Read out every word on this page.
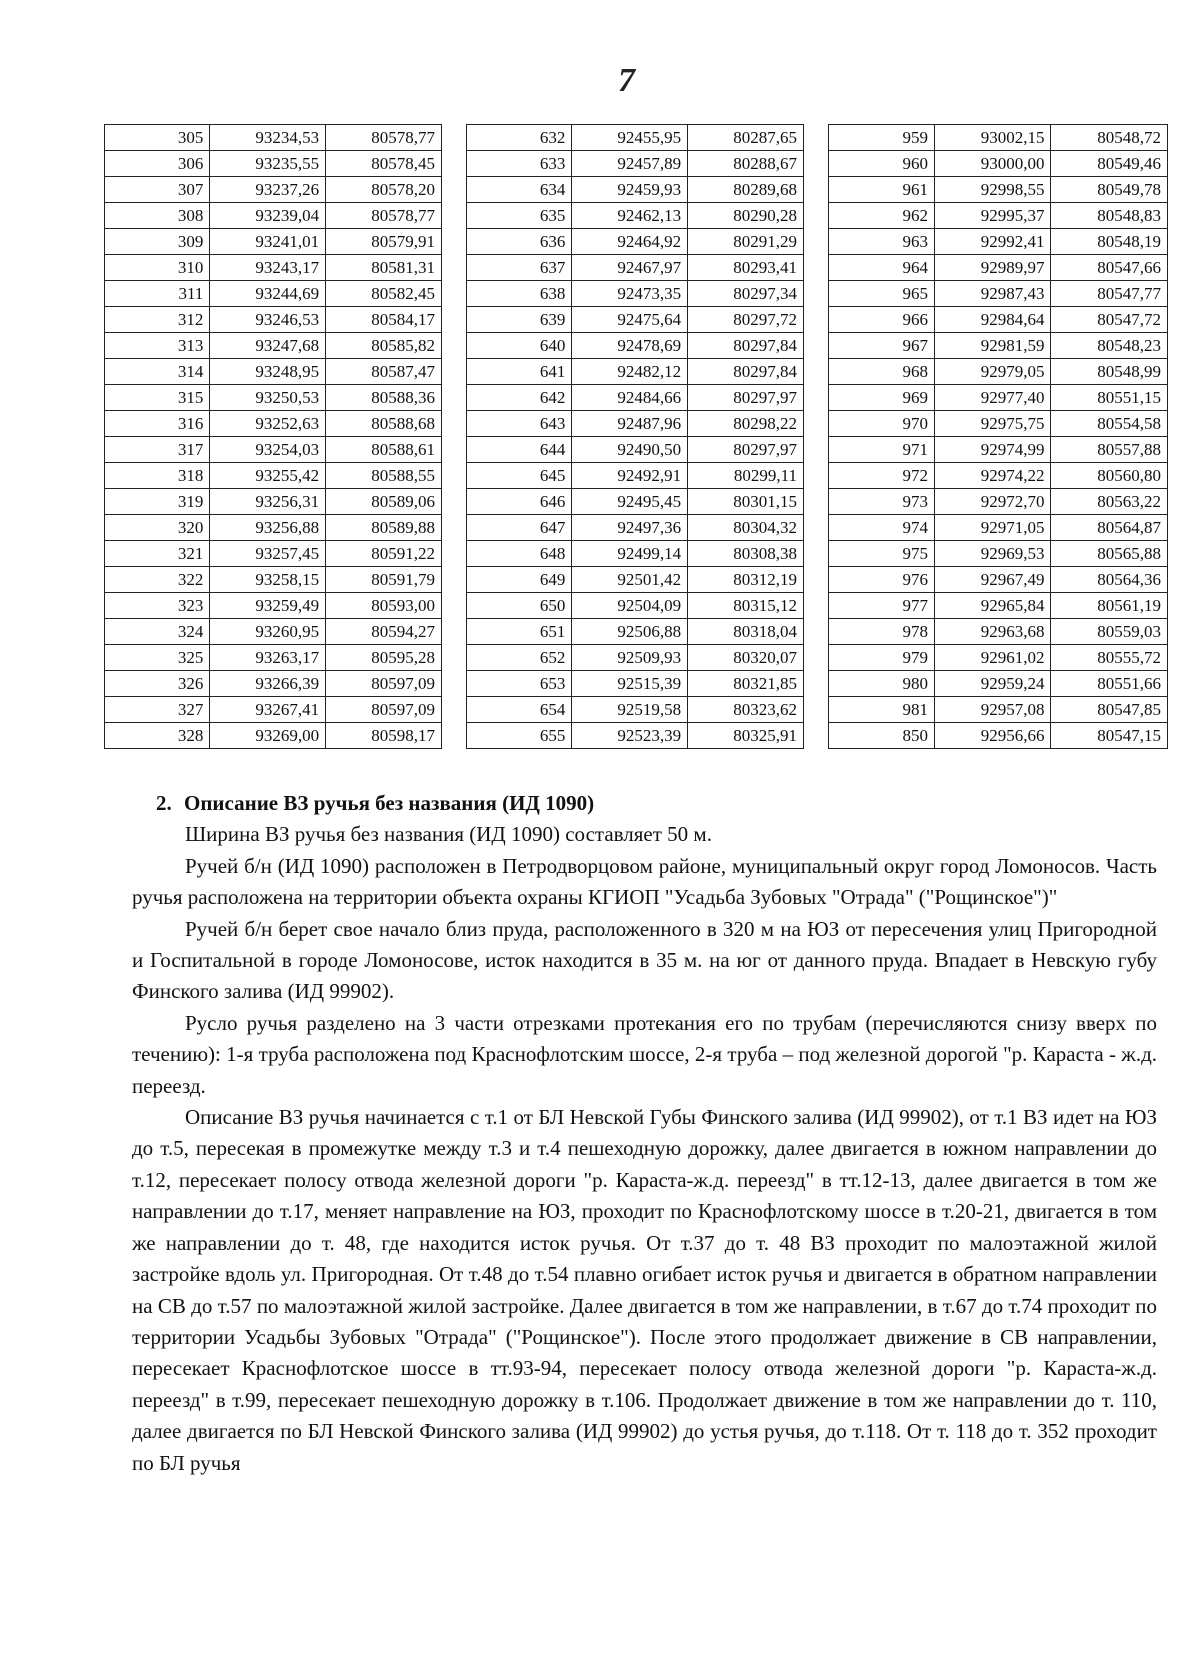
7
305	93234,53	80578,77
306	93235,55	80578,45
307	93237,26	80578,20
308	93239,04	80578,77
309	93241,01	80579,91
310	93243,17	80581,31
311	93244,69	80582,45
312	93246,53	80584,17
313	93247,68	80585,82
314	93248,95	80587,47
315	93250,53	80588,36
316	93252,63	80588,68
317	93254,03	80588,61
318	93255,42	80588,55
319	93256,31	80589,06
320	93256,88	80589,88
321	93257,45	80591,22
322	93258,15	80591,79
323	93259,49	80593,00
324	93260,95	80594,27
325	93263,17	80595,28
326	93266,39	80597,09
327	93267,41	80597,09
328	93269,00	80598,17
632	92455,95	80287,65
633	92457,89	80288,67
634	92459,93	80289,68
635	92462,13	80290,28
636	92464,92	80291,29
637	92467,97	80293,41
638	92473,35	80297,34
639	92475,64	80297,72
640	92478,69	80297,84
641	92482,12	80297,84
642	92484,66	80297,97
643	92487,96	80298,22
644	92490,50	80297,97
645	92492,91	80299,11
646	92495,45	80301,15
647	92497,36	80304,32
648	92499,14	80308,38
649	92501,42	80312,19
650	92504,09	80315,12
651	92506,88	80318,04
652	92509,93	80320,07
653	92515,39	80321,85
654	92519,58	80323,62
655	92523,39	80325,91
959	93002,15	80548,72
960	93000,00	80549,46
961	92998,55	80549,78
962	92995,37	80548,83
963	92992,41	80548,19
964	92989,97	80547,66
965	92987,43	80547,77
966	92984,64	80547,72
967	92981,59	80548,23
968	92979,05	80548,99
969	92977,40	80551,15
970	92975,75	80554,58
971	92974,99	80557,88
972	92974,22	80560,80
973	92972,70	80563,22
974	92971,05	80564,87
975	92969,53	80565,88
976	92967,49	80564,36
977	92965,84	80561,19
978	92963,68	80559,03
979	92961,02	80555,72
980	92959,24	80551,66
981	92957,08	80547,85
850	92956,66	80547,15
2. Описание ВЗ ручья без названия (ИД 1090)

Ширина ВЗ ручья без названия (ИД 1090) составляет 50 м.

Ручей б/н (ИД 1090) расположен в Петродворцовом районе, муниципальный округ город Ломоносов. Часть ручья расположена на территории объекта охраны КГИОП "Усадьба Зубовых "Отрада" ("Рощинское")"

Ручей б/н берет свое начало близ пруда, расположенного в 320 м на ЮЗ от пересечения улиц Пригородной и Госпитальной в городе Ломоносове, исток находится в 35 м. на юг от данного пруда. Впадает в Невскую губу Финского залива (ИД 99902).

Русло ручья разделено на 3 части отрезками протекания его по трубам (перечисляются снизу вверх по течению): 1-я труба расположена под Краснофлотским шоссе, 2-я труба – под железной дорогой "р. Караста - ж.д. переезд.

Описание ВЗ ручья начинается с т.1 от БЛ Невской Губы Финского залива (ИД 99902), от т.1 ВЗ идет на ЮЗ до т.5, пересекая в промежутке между т.3 и т.4 пешеходную дорожку, далее двигается в южном направлении до т.12, пересекает полосу отвода железной дороги "р. Караста-ж.д. переезд" в тт.12-13, далее двигается в том же направлении до т.17, меняет направление на ЮЗ, проходит по Краснофлотскому шоссе в т.20-21, двигается в том же направлении до т. 48, где находится исток ручья. От т.37 до т. 48 ВЗ проходит по малоэтажной жилой застройке вдоль ул. Пригородная. От т.48 до т.54 плавно огибает исток ручья и двигается в обратном направлении на СВ до т.57 по малоэтажной жилой застройке. Далее двигается в том же направлении, в т.67 до т.74 проходит по территории Усадьбы Зубовых "Отрада" ("Рощинское"). После этого продолжает движение в СВ направлении, пересекает Краснофлотское шоссе в тт.93-94, пересекает полосу отвода железной дороги "р. Караста-ж.д. переезд" в т.99, пересекает пешеходную дорожку в т.106. Продолжает движение в том же направлении до т. 110, далее двигается по БЛ Невской Финского залива (ИД 99902) до устья ручья, до т.118. От т. 118 до т. 352 проходит по БЛ ручья
